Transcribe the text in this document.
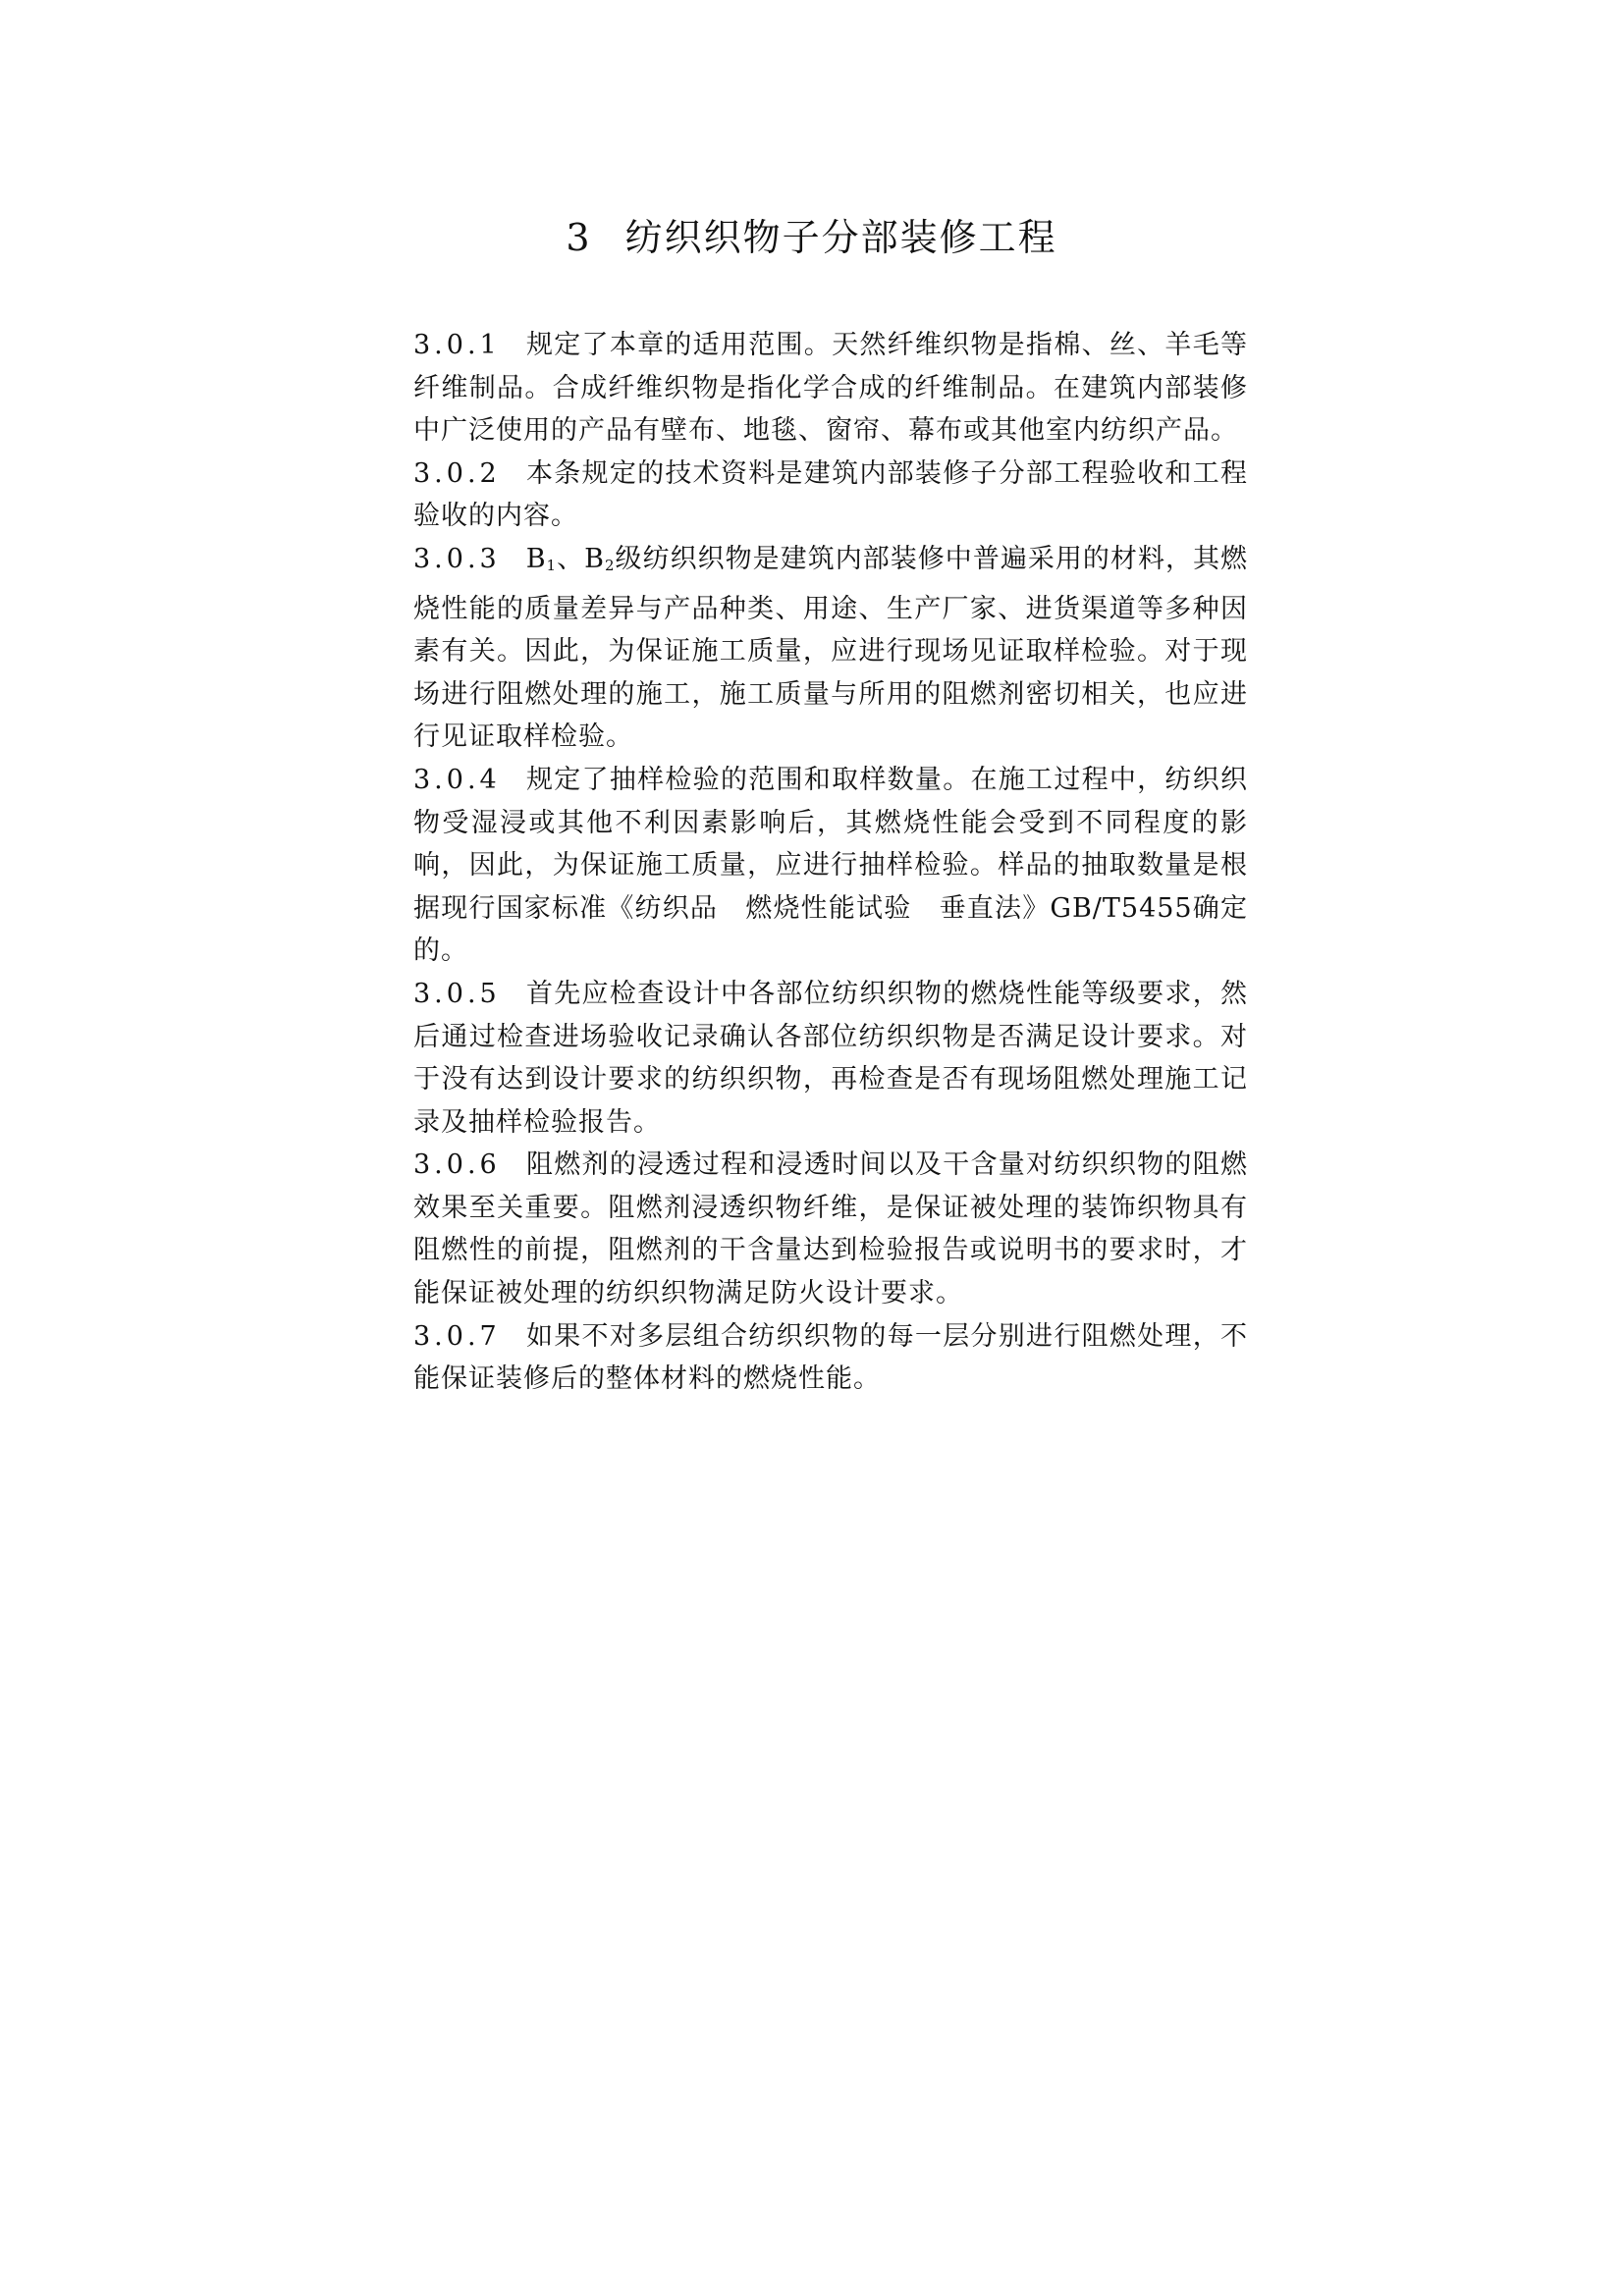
3 纺织织物子分部装修工程

3.0.1 规定了本章的适用范围。天然纤维织物是指棉、丝、羊毛等纤维制品。合成纤维织物是指化学合成的纤维制品。在建筑内部装修中广泛使用的产品有壁布、地毯、窗帘、幕布或其他室内纺织产品。

3.0.2 本条规定的技术资料是建筑内部装修子分部工程验收和工程验收的内容。

3.0.3 B1、B2级纺织织物是建筑内部装修中普遍采用的材料，其燃烧性能的质量差异与产品种类、用途、生产厂家、进货渠道等多种因素有关。因此，为保证施工质量，应进行现场见证取样检验。对于现场进行阻燃处理的施工，施工质量与所用的阻燃剂密切相关，也应进行见证取样检验。

3.0.4 规定了抽样检验的范围和取样数量。在施工过程中，纺织织物受湿浸或其他不利因素影响后，其燃烧性能会受到不同程度的影响，因此，为保证施工质量，应进行抽样检验。样品的抽取数量是根据现行国家标准《纺织品　燃烧性能试验　垂直法》GB/T5455确定的。

3.0.5 首先应检查设计中各部位纺织织物的燃烧性能等级要求，然后通过检查进场验收记录确认各部位纺织织物是否满足设计要求。对于没有达到设计要求的纺织织物，再检查是否有现场阻燃处理施工记录及抽样检验报告。

3.0.6 阻燃剂的浸透过程和浸透时间以及干含量对纺织织物的阻燃效果至关重要。阻燃剂浸透织物纤维，是保证被处理的装饰织物具有阻燃性的前提，阻燃剂的干含量达到检验报告或说明书的要求时，才能保证被处理的纺织织物满足防火设计要求。

3.0.7 如果不对多层组合纺织织物的每一层分别进行阻燃处理，不能保证装修后的整体材料的燃烧性能。
